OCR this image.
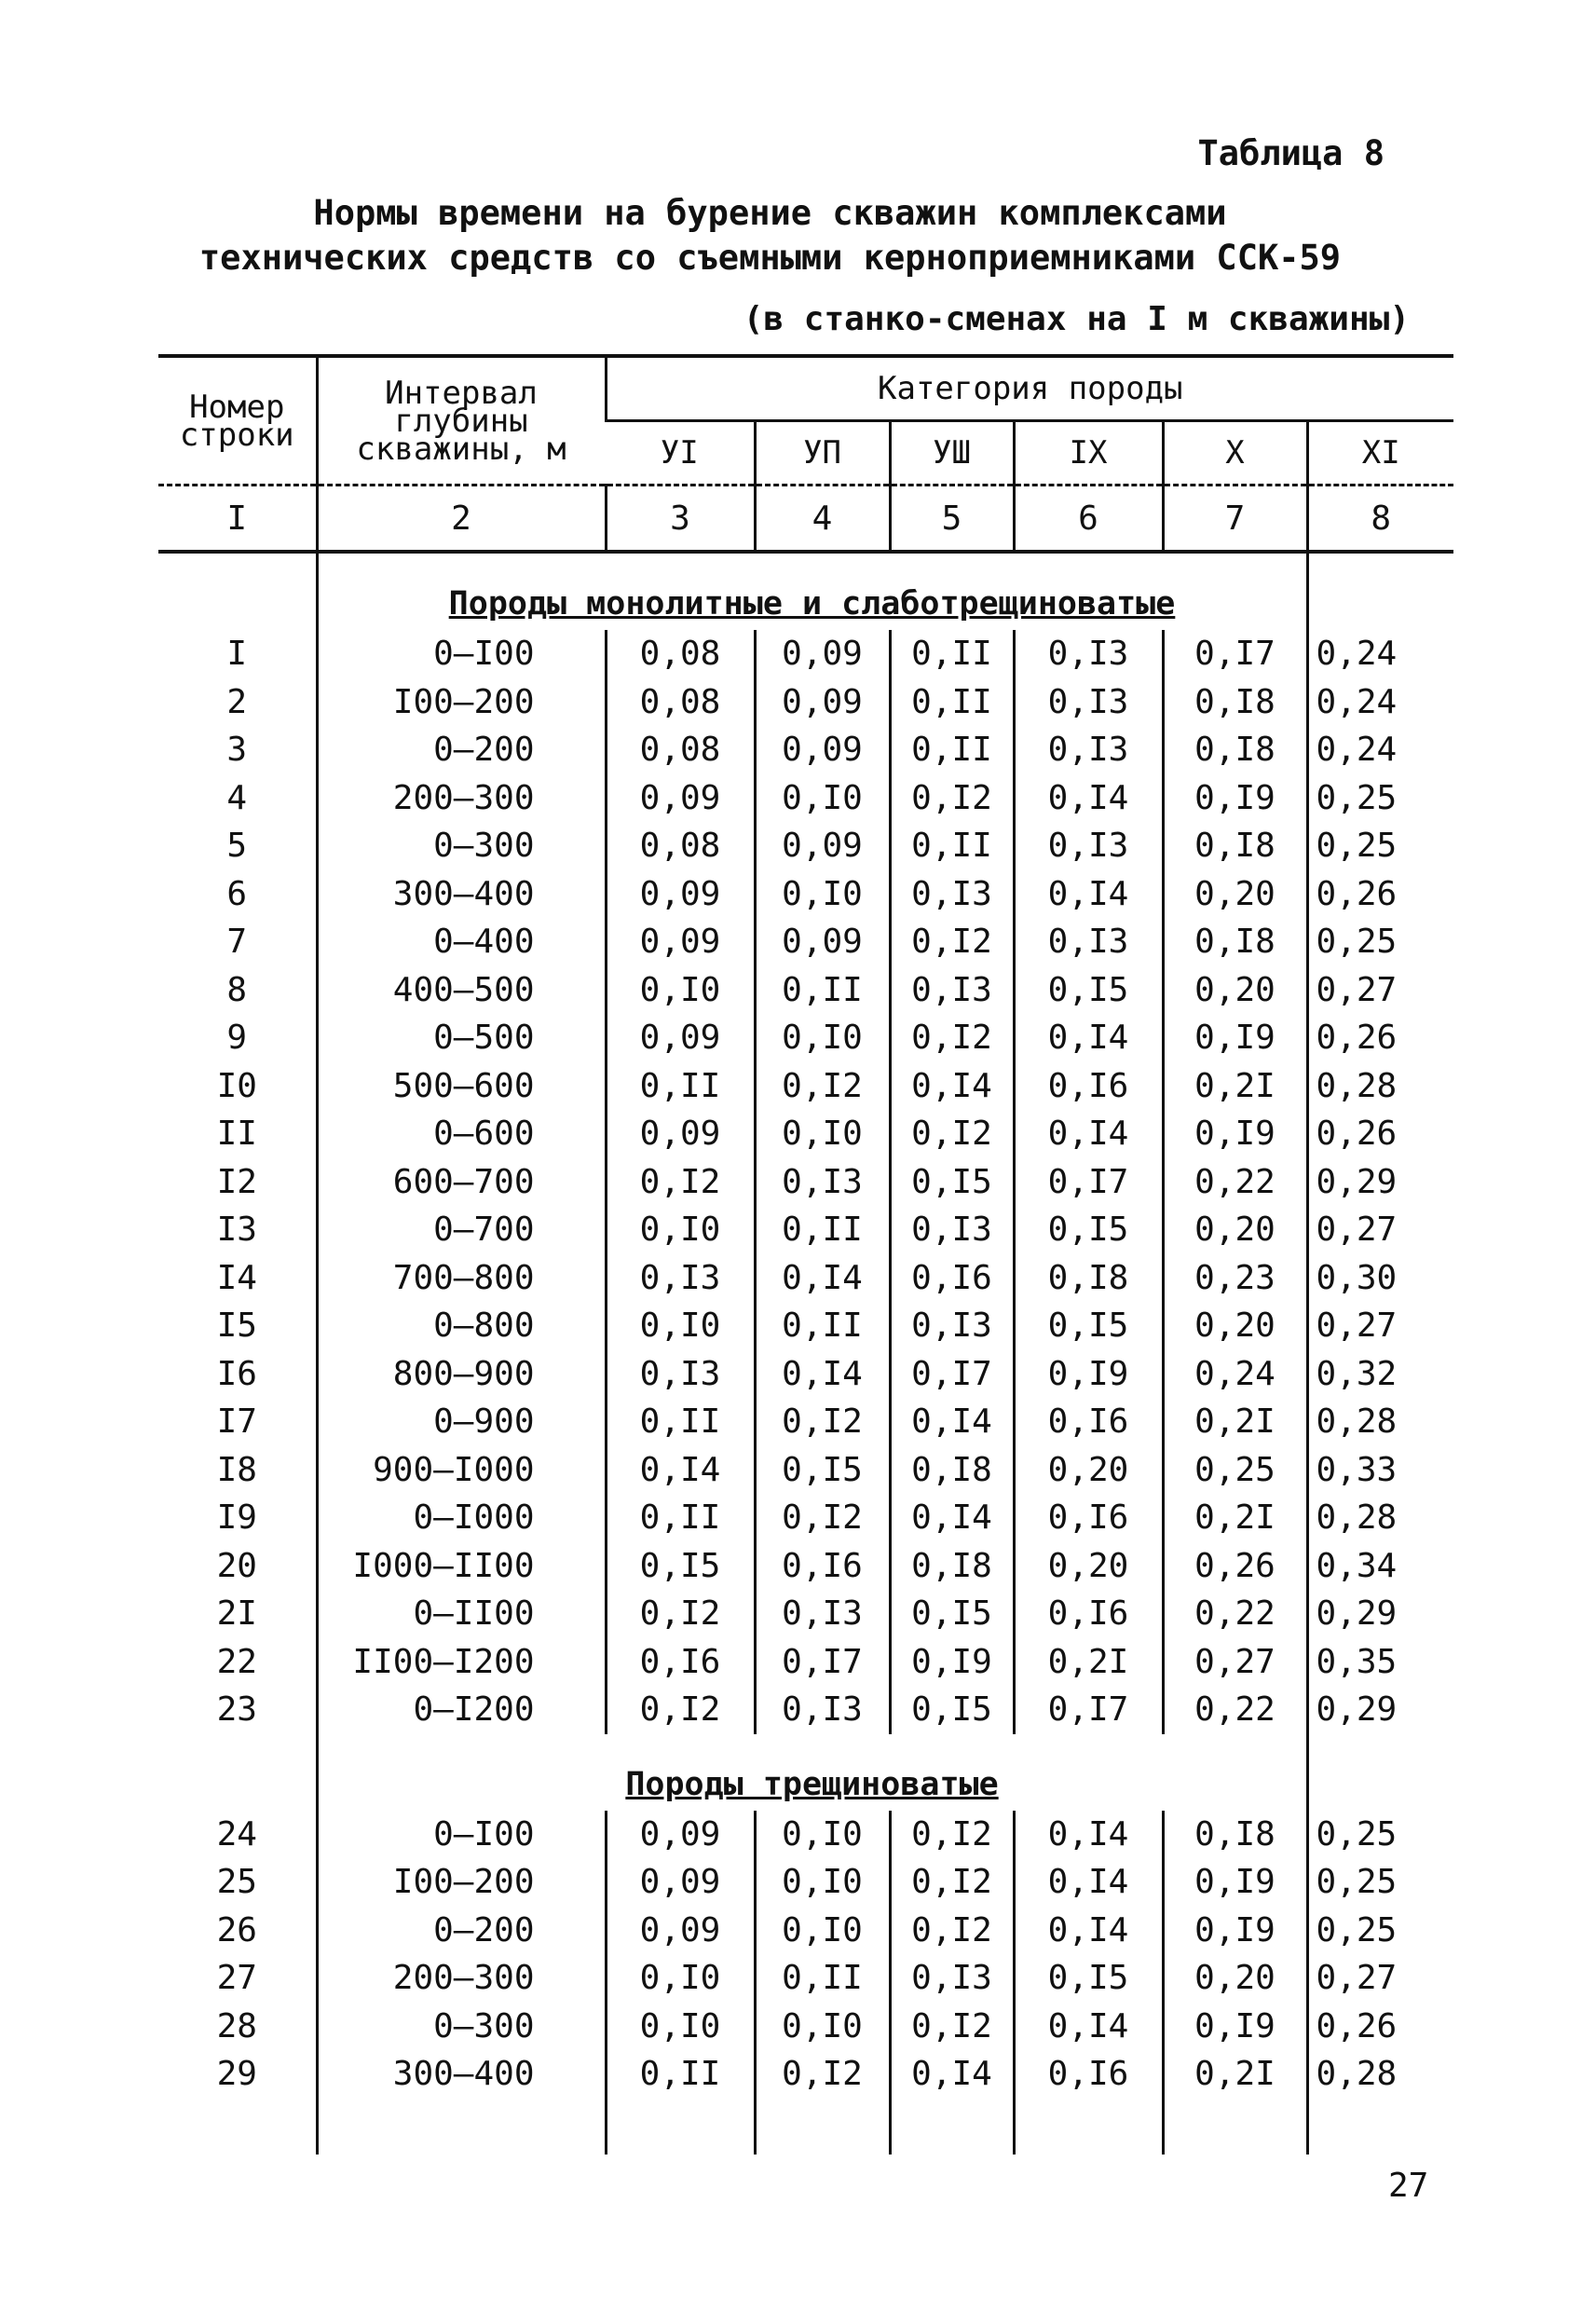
Таблица 8
Нормы времени на бурение скважин комплексами
технических средств со съемными керноприемниками ССК-59
(в станко-сменах на I м скважины)
Номер строки	Интервал глубины скважины, м	Категория породы					
		УI	УП	УШ	IX	X	XI
I	2	3	4	5	6	7	8
	Породы монолитные и слаботрещиноватые						
I	0–I00	0,08	0,09	0,II	0,I3	0,I7	0,24
2	I00–200	0,08	0,09	0,II	0,I3	0,I8	0,24
3	0–200	0,08	0,09	0,II	0,I3	0,I8	0,24
4	200–300	0,09	0,I0	0,I2	0,I4	0,I9	0,25
5	0–300	0,08	0,09	0,II	0,I3	0,I8	0,25
6	300–400	0,09	0,I0	0,I3	0,I4	0,20	0,26
7	0–400	0,09	0,09	0,I2	0,I3	0,I8	0,25
8	400–500	0,I0	0,II	0,I3	0,I5	0,20	0,27
9	0–500	0,09	0,I0	0,I2	0,I4	0,I9	0,26
I0	500–600	0,II	0,I2	0,I4	0,I6	0,2I	0,28
II	0–600	0,09	0,I0	0,I2	0,I4	0,I9	0,26
I2	600–700	0,I2	0,I3	0,I5	0,I7	0,22	0,29
I3	0–700	0,I0	0,II	0,I3	0,I5	0,20	0,27
I4	700–800	0,I3	0,I4	0,I6	0,I8	0,23	0,30
I5	0–800	0,I0	0,II	0,I3	0,I5	0,20	0,27
I6	800–900	0,I3	0,I4	0,I7	0,I9	0,24	0,32
I7	0–900	0,II	0,I2	0,I4	0,I6	0,2I	0,28
I8	900–I000	0,I4	0,I5	0,I8	0,20	0,25	0,33
I9	0–I000	0,II	0,I2	0,I4	0,I6	0,2I	0,28
20	I000–II00	0,I5	0,I6	0,I8	0,20	0,26	0,34
2I	0–II00	0,I2	0,I3	0,I5	0,I6	0,22	0,29
22	II00–I200	0,I6	0,I7	0,I9	0,2I	0,27	0,35
23	0–I200	0,I2	0,I3	0,I5	0,I7	0,22	0,29
	Породы трещиноватые						
24	0–I00	0,09	0,I0	0,I2	0,I4	0,I8	0,25
25	I00–200	0,09	0,I0	0,I2	0,I4	0,I9	0,25
26	0–200	0,09	0,I0	0,I2	0,I4	0,I9	0,25
27	200–300	0,I0	0,II	0,I3	0,I5	0,20	0,27
28	0–300	0,I0	0,I0	0,I2	0,I4	0,I9	0,26
29	300–400	0,II	0,I2	0,I4	0,I6	0,2I	0,28

27
